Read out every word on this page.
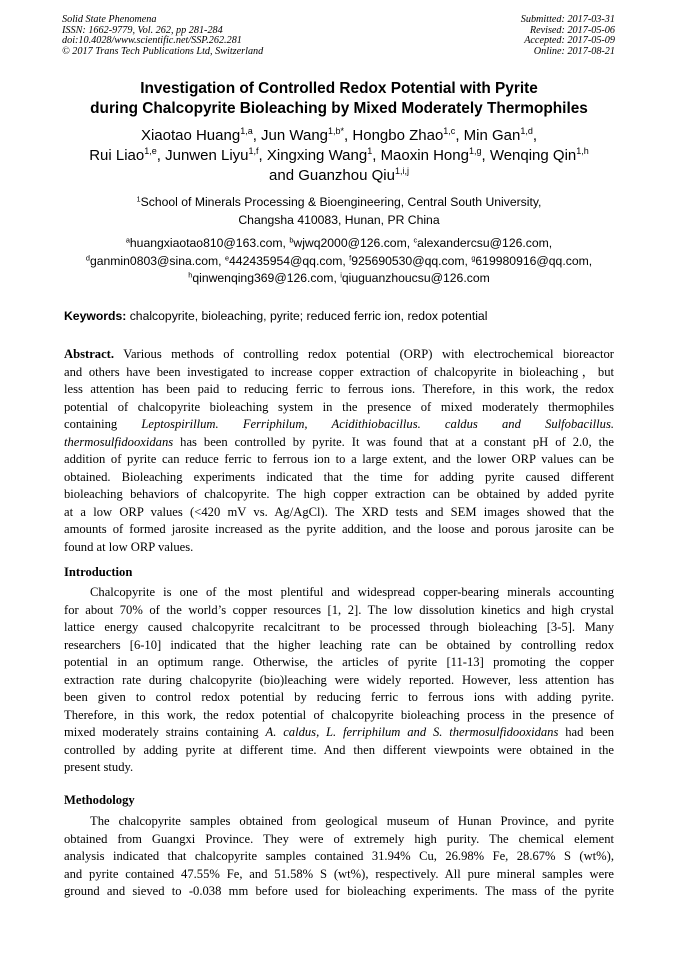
Solid State Phenomena
ISSN: 1662-9779, Vol. 262, pp 281-284
doi:10.4028/www.scientific.net/SSP.262.281
© 2017 Trans Tech Publications Ltd, Switzerland
Submitted: 2017-03-31
Revised: 2017-05-06
Accepted: 2017-05-09
Online: 2017-08-21
Investigation of Controlled Redox Potential with Pyrite
during Chalcopyrite Bioleaching by Mixed Moderately Thermophiles
Xiaotao Huang$^{1,a}$, Jun Wang$^{1,b*}$, Hongbo Zhao$^{1,c}$, Min Gan$^{1,d}$,
Rui Liao$^{1,e}$, Junwen Liyu$^{1,f}$, Xingxing Wang$^1$, Maoxin Hong$^{1,g}$, Wenqing Qin$^{1,h}$
and Guanzhou Qiu$^{1,i,j}$
$^1$School of Minerals Processing & Bioengineering, Central South University,
Changsha 410083, Hunan, PR China
$^a$huangxiaotao810@163.com, $^b$wjwq2000@126.com, $^c$alexandercsu@126.com,
$^d$ganmin0803@sina.com, $^e$442435954@qq.com, $^f$925690530@qq.com, $^g$619980916@qq.com,
$^h$qinwenqing369@126.com, $^i$qiuguanzhoucsu@126.com
Keywords: chalcopyrite, bioleaching, pyrite; reduced ferric ion, redox potential
Abstract. Various methods of controlling redox potential (ORP) with electrochemical bioreactor
and others have been investigated to increase copper extraction of chalcopyrite in bioleaching，but
less attention has been paid to reducing ferric to ferrous ions. Therefore, in this work, the redox
potential of chalcopyrite bioleaching system in the presence of mixed moderately thermophiles
containing Leptospirillum. Ferriphilum, Acidithiobacillus. caldus and Sulfobacillus.
thermosulfidooxidans has been controlled by pyrite. It was found that at a constant pH of 2.0, the
addition of pyrite can reduce ferric to ferrous ion to a large extent, and the lower ORP values can be
obtained. Bioleaching experiments indicated that the time for adding pyrite caused different
bioleaching behaviors of chalcopyrite. The high copper extraction can be obtained by added pyrite
at a low ORP values (<420 mV vs. Ag/AgCl). The XRD tests and SEM images showed that the
amounts of formed jarosite increased as the pyrite addition, and the loose and porous jarosite can be
found at low ORP values.
Introduction
Chalcopyrite is one of the most plentiful and widespread copper-bearing minerals accounting
for about 70% of the world’s copper resources [1, 2]. The low dissolution kinetics and high crystal
lattice energy caused chalcopyrite recalcitrant to be processed through bioleaching [3-5]. Many
researchers [6-10] indicated that the higher leaching rate can be obtained by controlling redox
potential in an optimum range. Otherwise, the articles of pyrite [11-13] promoting the copper
extraction rate during chalcopyrite (bio)leaching were widely reported. However, less attention has
been given to control redox potential by reducing ferric to ferrous ions with adding pyrite.
Therefore, in this work, the redox potential of chalcopyrite bioleaching process in the presence of
mixed moderately strains containing A. caldus, L. ferriphilum and S. thermosulfidooxidans had been
controlled by adding pyrite at different time. And then different viewpoints were obtained in the
present study.
Methodology
The chalcopyrite samples obtained from geological museum of Hunan Province, and pyrite
obtained from Guangxi Province. They were of extremely high purity. The chemical element
analysis indicated that chalcopyrite samples contained 31.94% Cu, 26.98% Fe, 28.67% S (wt%),
and pyrite contained 47.55% Fe, and 51.58% S (wt%), respectively. All pure mineral samples were
ground and sieved to -0.038 mm before used for bioleaching experiments. The mass of the pyrite
